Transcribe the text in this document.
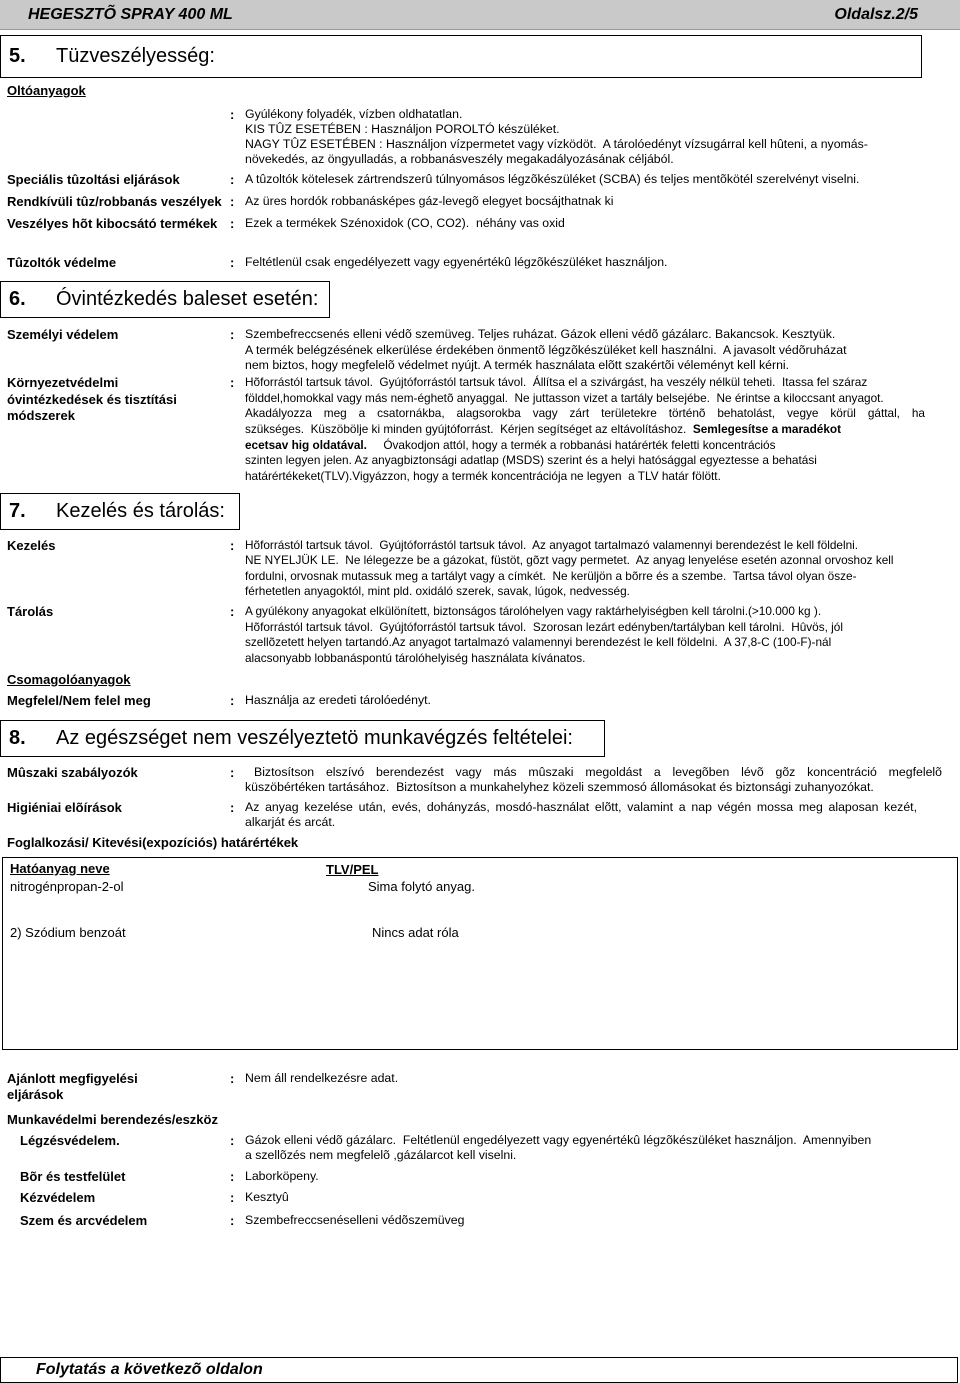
HEGESZTÕ SPRAY 400 ML	Oldalsz.2/5
5. Tüzveszélyesség:
Oltóanyagok
: Gyúlékony folyadék, vízben oldhatatlan.
KIS TÛZ ESETÉBEN : Használjon POROLTÓ készüléket.
NAGY TÛZ ESETÉBEN : Használjon vízpermetet vagy vízködöt.  A tárolóedényt vízsugárral kell hûteni, a nyomás-
növekedés, az öngyulladás, a robbanásveszély megakadályozásának céljából.
Speciális tûzoltási eljárások	: A tûzoltók kötelesek zártrendszerû túlnyomásos légzõkészüléket (SCBA) és teljes mentõkötél szerelvényt viselni.
Rendkívüli tûz/robbanás veszélyek : Az üres hordók robbanásképes gáz-levegõ elegyet bocsájthatnak ki
Veszélyes hõt kibocsátó termékek : Ezek a termékek Szénoxidok (CO, CO2).  néhány vas oxid
Tûzoltók védelme	: Feltétlenül csak engedélyezett vagy egyenértékû légzõkészüléket használjon.
6. Óvintézkedés baleset esetén:
Személyi védelem	: Szembefreccsenés elleni védõ szemüveg. Teljes ruházat. Gázok elleni védõ gázálarc. Bakancsok. Kesztyük.
A termék belégzésének elkerülése érdekében önmentõ légzõkészüléket kell használni.  A javasolt védõruházat
nem biztos, hogy megfelelõ védelmet nyújt. A termék használata elõtt szakértõi véleményt kell kérni.
Környezetvédelmi
óvintézkedések és tisztítási
módszerek
: Hõforrástól tartsuk távol.  Gyújtóforrástól tartsuk távol.  Állítsa el a szivárgást, ha veszély nélkül teheti.  Itassa fel száraz
földdel,homokkal vagy más nem-éghetõ anyaggal.  Ne juttasson vizet a tartály belsejébe.  Ne érintse a kiloccsant anyagot.
Akadályozza meg a csatornákba, alagsorokba vagy zárt területekre történõ behatolást, vegye körül gáttal, ha
szükséges.  Küszöbölje ki minden gyújtóforrást.  Kérjen segítséget az eltávolításhoz.  Semlegesítse a maradékot
ecetsav hig oldatával.     Óvakodjon attól, hogy a termék a robbanási határérték feletti koncentrációs
szinten legyen jelen. Az anyagbiztonsági adatlap (MSDS) szerint és a helyi hatósággal egyeztesse a behatási
határértékeket(TLV).Vigyázzon, hogy a termék koncentrációja ne legyen  a TLV határ fölött.
7. Kezelés és tárolás:
Kezelés	: Hõforrástól tartsuk távol.  Gyújtóforrástól tartsuk távol.  Az anyagot tartalmazó valamennyi berendezést le kell földelni.
NE NYELJÜK LE.  Ne lélegezze be a gázokat, füstöt, gõzt vagy permetet.  Az anyag lenyelése esetén azonnal orvoshoz kell
fordulni, orvosnak mutassuk meg a tartályt vagy a címkét.  Ne kerüljön a bõrre és a szembe.  Tartsa távol olyan ösze-
férhetetlen anyagoktól, mint pld. oxidáló szerek, savak, lúgok, nedvesség.
Tárolás	: A gyúlékony anyagokat elkülönített, biztonságos tárolóhelyen vagy raktárhelyiségben kell tárolni.(>10.000 kg ).
Hõforrástól tartsuk távol.  Gyújtóforrástól tartsuk távol.  Szorosan lezárt edényben/tartályban kell tárolni.  Hûvös, jól
szellõzetett helyen tartandó.Az anyagot tartalmazó valamennyi berendezést le kell földelni.  A 37,8-C (100-F)-nál
alacsonyabb lobbanáspontú tárolóhelyiség használata kívánatos.
Csomagolóanyagok
Megfelel/Nem felel meg	: Használja az eredeti tárolóedényt.
8. Az egészséget nem veszélyeztetö munkavégzés feltételei:
Mûszaki szabályozók	: Biztosítson elszívó berendezést vagy más mûszaki megoldást a levegõben lévõ gõz koncentráció megfelelõ
küszöbértéken tartásához.  Biztosítson a munkahelyhez közeli szemmosó állomásokat és biztonsági zuhanyozókat.
Higiéniai elõírások	: Az anyag kezelése után, evés, dohányzás, mosdó-használat elõtt, valamint a nap végén mossa meg alaposan kezét,
alkarját és arcát.
Foglalkozási/ Kitevési(expozíciós) határértékek
Hatóanyag neve	TLV/PEL
nitrogénpropan-2-ol	Sima folytó anyag.
2) Szódium benzoát	Nincs adat róla
Ajánlott megfigyelési
eljárások
: Nem áll rendelkezésre adat.
Munkavédelmi berendezés/eszköz
Légzésvédelem.	: Gázok elleni védõ gázálarc.  Feltétlenül engedélyezett vagy egyenértékû légzõkészüléket használjon.  Amennyiben
a szellõzés nem megfelelõ ,gázálarcot kell viselni.
Bõr és testfelület	: Laborköpeny.
Kézvédelem	: Kesztyû
Szem és arcvédelem	: Szembefreccsenéselleni védõszemüveg
Folytatás a következõ oldalon
